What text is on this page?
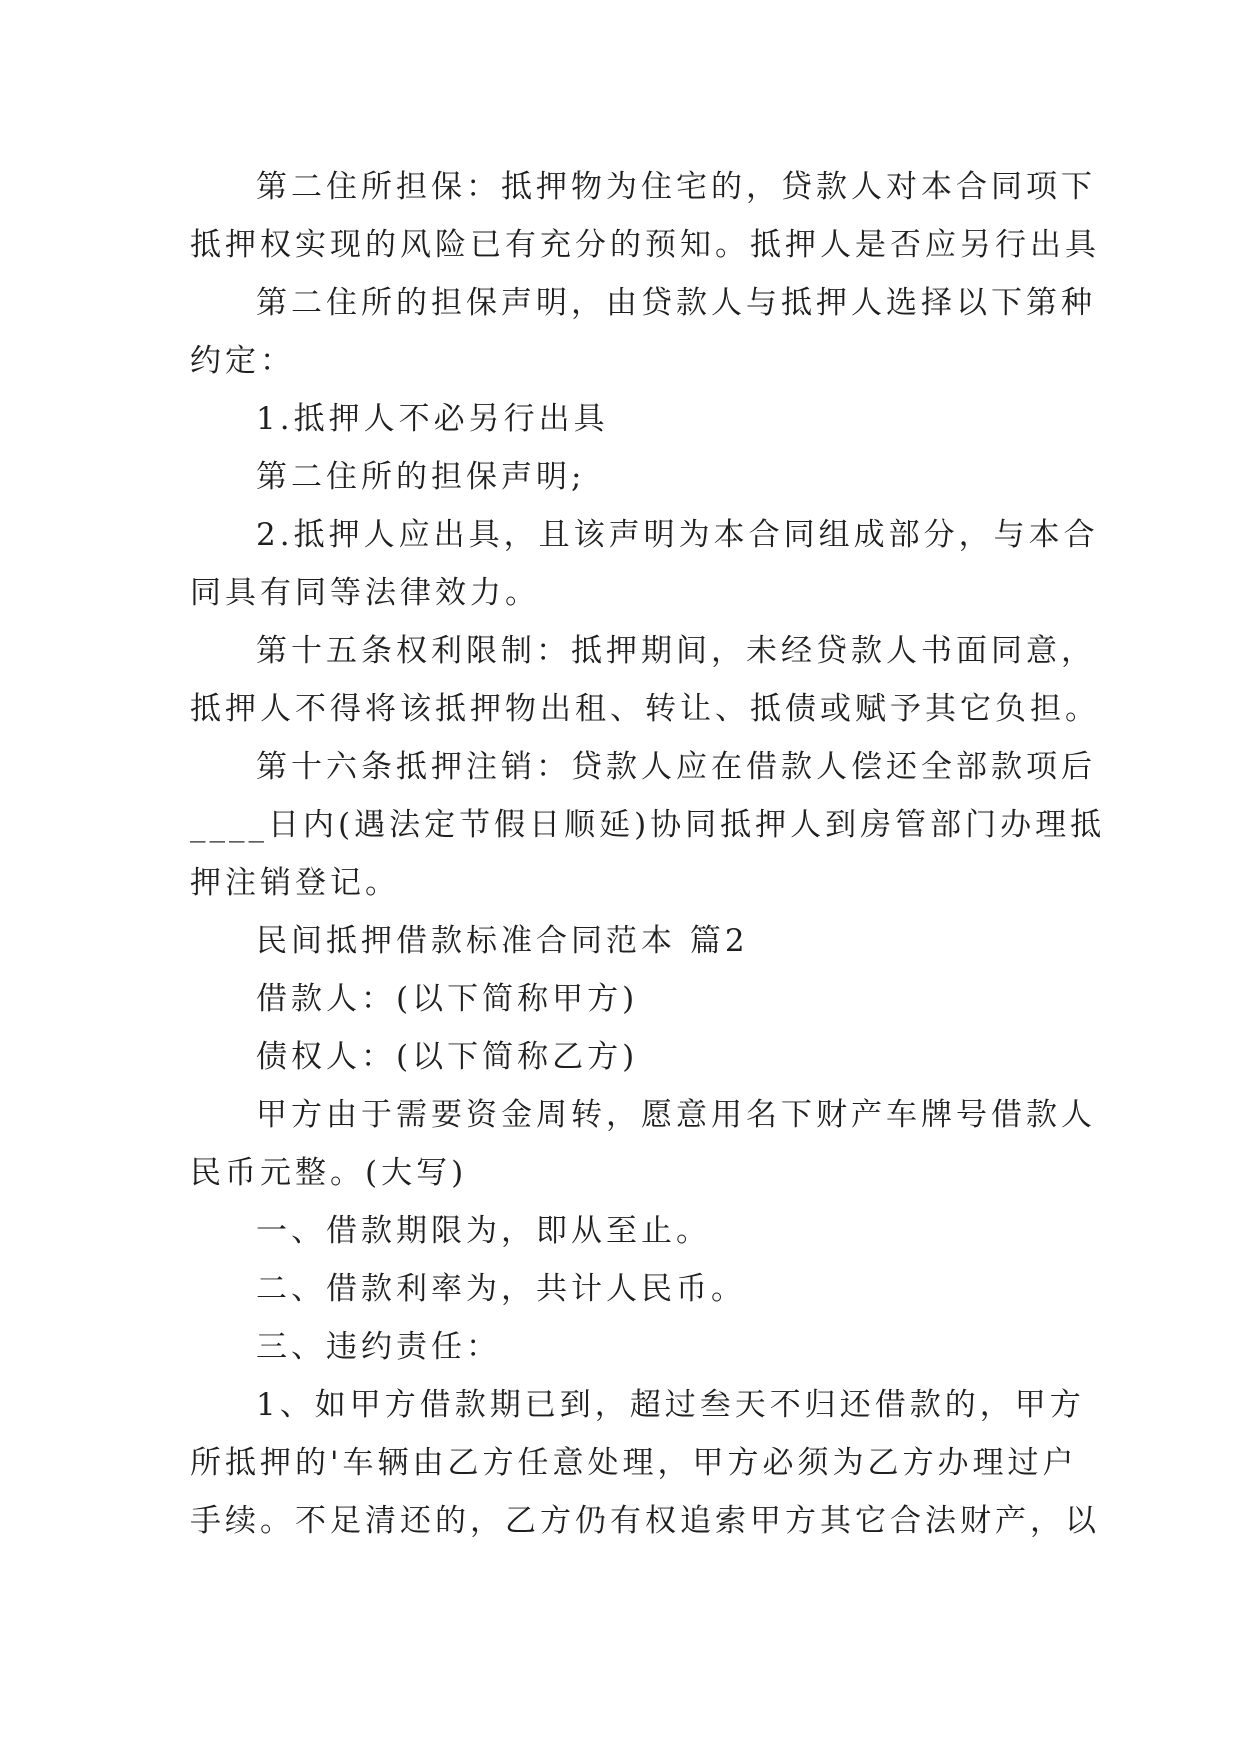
第二住所担保：抵押物为住宅的，贷款人对本合同项下
抵押权实现的风险已有充分的预知。抵押人是否应另行出具
第二住所的担保声明，由贷款人与抵押人选择以下第种
约定：
1.抵押人不必另行出具
第二住所的担保声明;
2.抵押人应出具，且该声明为本合同组成部分，与本合
同具有同等法律效力。
第十五条权利限制：抵押期间，未经贷款人书面同意，
抵押人不得将该抵押物出租、转让、抵债或赋予其它负担。
第十六条抵押注销：贷款人应在借款人偿还全部款项后
____日内(遇法定节假日顺延)协同抵押人到房管部门办理抵
押注销登记。
民间抵押借款标准合同范本 篇2
借款人：(以下简称甲方)
债权人：(以下简称乙方)
甲方由于需要资金周转，愿意用名下财产车牌号借款人
民币元整。(大写)
一、借款期限为，即从至止。
二、借款利率为，共计人民币。
三、违约责任：
1、如甲方借款期已到，超过叁天不归还借款的，甲方
所抵押的'车辆由乙方任意处理，甲方必须为乙方办理过户
手续。不足清还的，乙方仍有权追索甲方其它合法财产，以
